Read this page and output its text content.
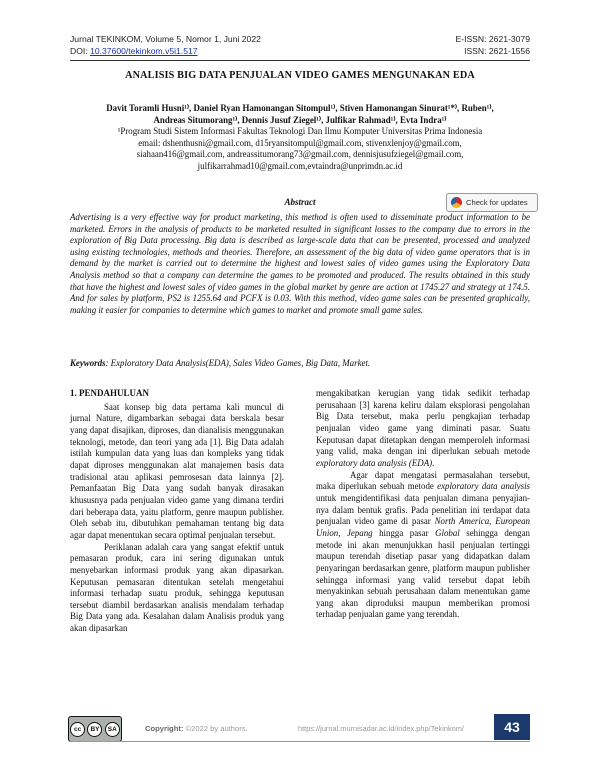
Jurnal TEKINKOM, Volume 5, Nomor 1, Juni 2022
DOI: 10.37600/tekinkom.v5i1.517
E-ISSN: 2621-3079
ISSN: 2621-1556
ANALISIS BIG DATA PENJUALAN VIDEO GAMES MENGUNAKAN EDA
Davit Toramli Husni¹⁾, Daniel Ryan Hamonangan Sitompul¹⁾, Stiven Hamonangan Sinurat¹*⁾, Ruben¹⁾,
Andreas Situmorang¹⁾, Dennis Jusuf Ziegel¹⁾, Julfikar Rahmad¹⁾, Evta Indra¹⁾
¹Program Studi Sistem Informasi Fakultas Teknologi Dan Ilmu Komputer Universitas Prima Indonesia
email: dshenthusni@gmail.com, d15ryansitompul@gmail.com, stivenxlenjoy@gmail.com,
siahaan416@gmail.com, andreassitumorang73@gmail.com, dennisjusufziegel@gmail.com,
julfikarrahmad10@gmail.com,evtaindra@unprimdn.ac.id
Abstract	Check for updates
Advertising is a very effective way for product marketing, this method is often used to disseminate product information to be marketed. Errors in the analysis of products to be marketed resulted in significant losses to the company due to errors in the exploration of Big Data processing. Big data is described as large-scale data that can be presented, processed and analyzed using existing technologies, methods and theories. Therefore, an assessment of the big data of video game operators that is in demand by the market is carried out to determine the highest and lowest sales of video games using the Exploratory Data Analysis method so that a company can determine the games to be promoted and produced. The results obtained in this study that have the highest and lowest sales of video games in the global market by genre are action at 1745.27 and strategy at 174.5. And for sales by platform, PS2 is 1255.64 and PCFX is 0.03. With this method, video game sales can be presented graphically, making it easier for companies to determine which games to market and promote small game sales.
Keywords: Exploratory Data Analysis(EDA), Sales Video Games, Big Data, Market.
1. PENDAHULUAN

Saat konsep big data pertama kali muncul di jurnal Nature, digambarkan sebagai data berskala besar yang dapat disajikan, diproses, dan dianalisis menggunakan teknologi, metode, dan teori yang ada [1]. Big Data adalah istilah kumpulan data yang luas dan kompleks yang tidak dapat diproses menggunakan alat manajemen basis data tradisional atau aplikasi pemrosesan data lainnya [2]. Pemanfaatan Big Data yang sudah banyak dirasakan khususnya pada penjualan video game yang dimana terdiri dari beberapa data, yaitu platform, genre maupun publisher. Oleh sebab itu, dibutuhkan pemahaman tentang big data agar dapat menentukan secara optimal penjualan tersebut.

Periklanan adalah cara yang sangat efektif untuk pemasaran produk, cara ini sering digunakan untuk menyebarkan informasi produk yang akan dipasarkan. Keputusan pemasaran ditentukan setelah mengetahui informasi terhadap suatu produk, sehingga keputusan tersebut diambil berdasarkan analisis mendalam terhadap Big Data yang ada. Kesalahan dalam Analisis produk yang akan dipasarkan

mengakibatkan kerugian yang tidak sedikit terhadap perusahaan [3] karena keliru dalam eksplorasi pengolahan Big Data tersebut, maka perlu pengkajian terhadap penjualan video game yang diminati pasar. Suatu Keputusan dapat ditetapkan dengan memperoleh informasi yang valid, maka dengan ini diperlukan sebuah metode exploratory data analysis (EDA).

Agar dapat mengatasi permasalahan tersebut, maka diperlukan sebuah metode exploratory data analysis untuk mengidentifikasi data penjualan dimana penyajian-nya dalam bentuk grafis. Pada penelitian ini terdapat data penjualan video game di pasar North America, European Union, Jepang hingga pasar Global sehingga dengan metode ini akan menunjukkan hasil penjualan tertinggi maupun terendah disetiap pasar yang didapatkan dalam penyaringan berdasarkan genre, platform maupun publisher sehingga informasi yang valid tersebut dapat lebih menyakinkan sebuah perusahaan dalam menentukan game yang akan diproduksi maupun memberikan promosi terhadap penjualan game yang terendah.

cc	BY	SA	Copyright: ©2022 by authors.	https://jurnal.murnisadar.ac.id/index.php/Tekinkom/	43
